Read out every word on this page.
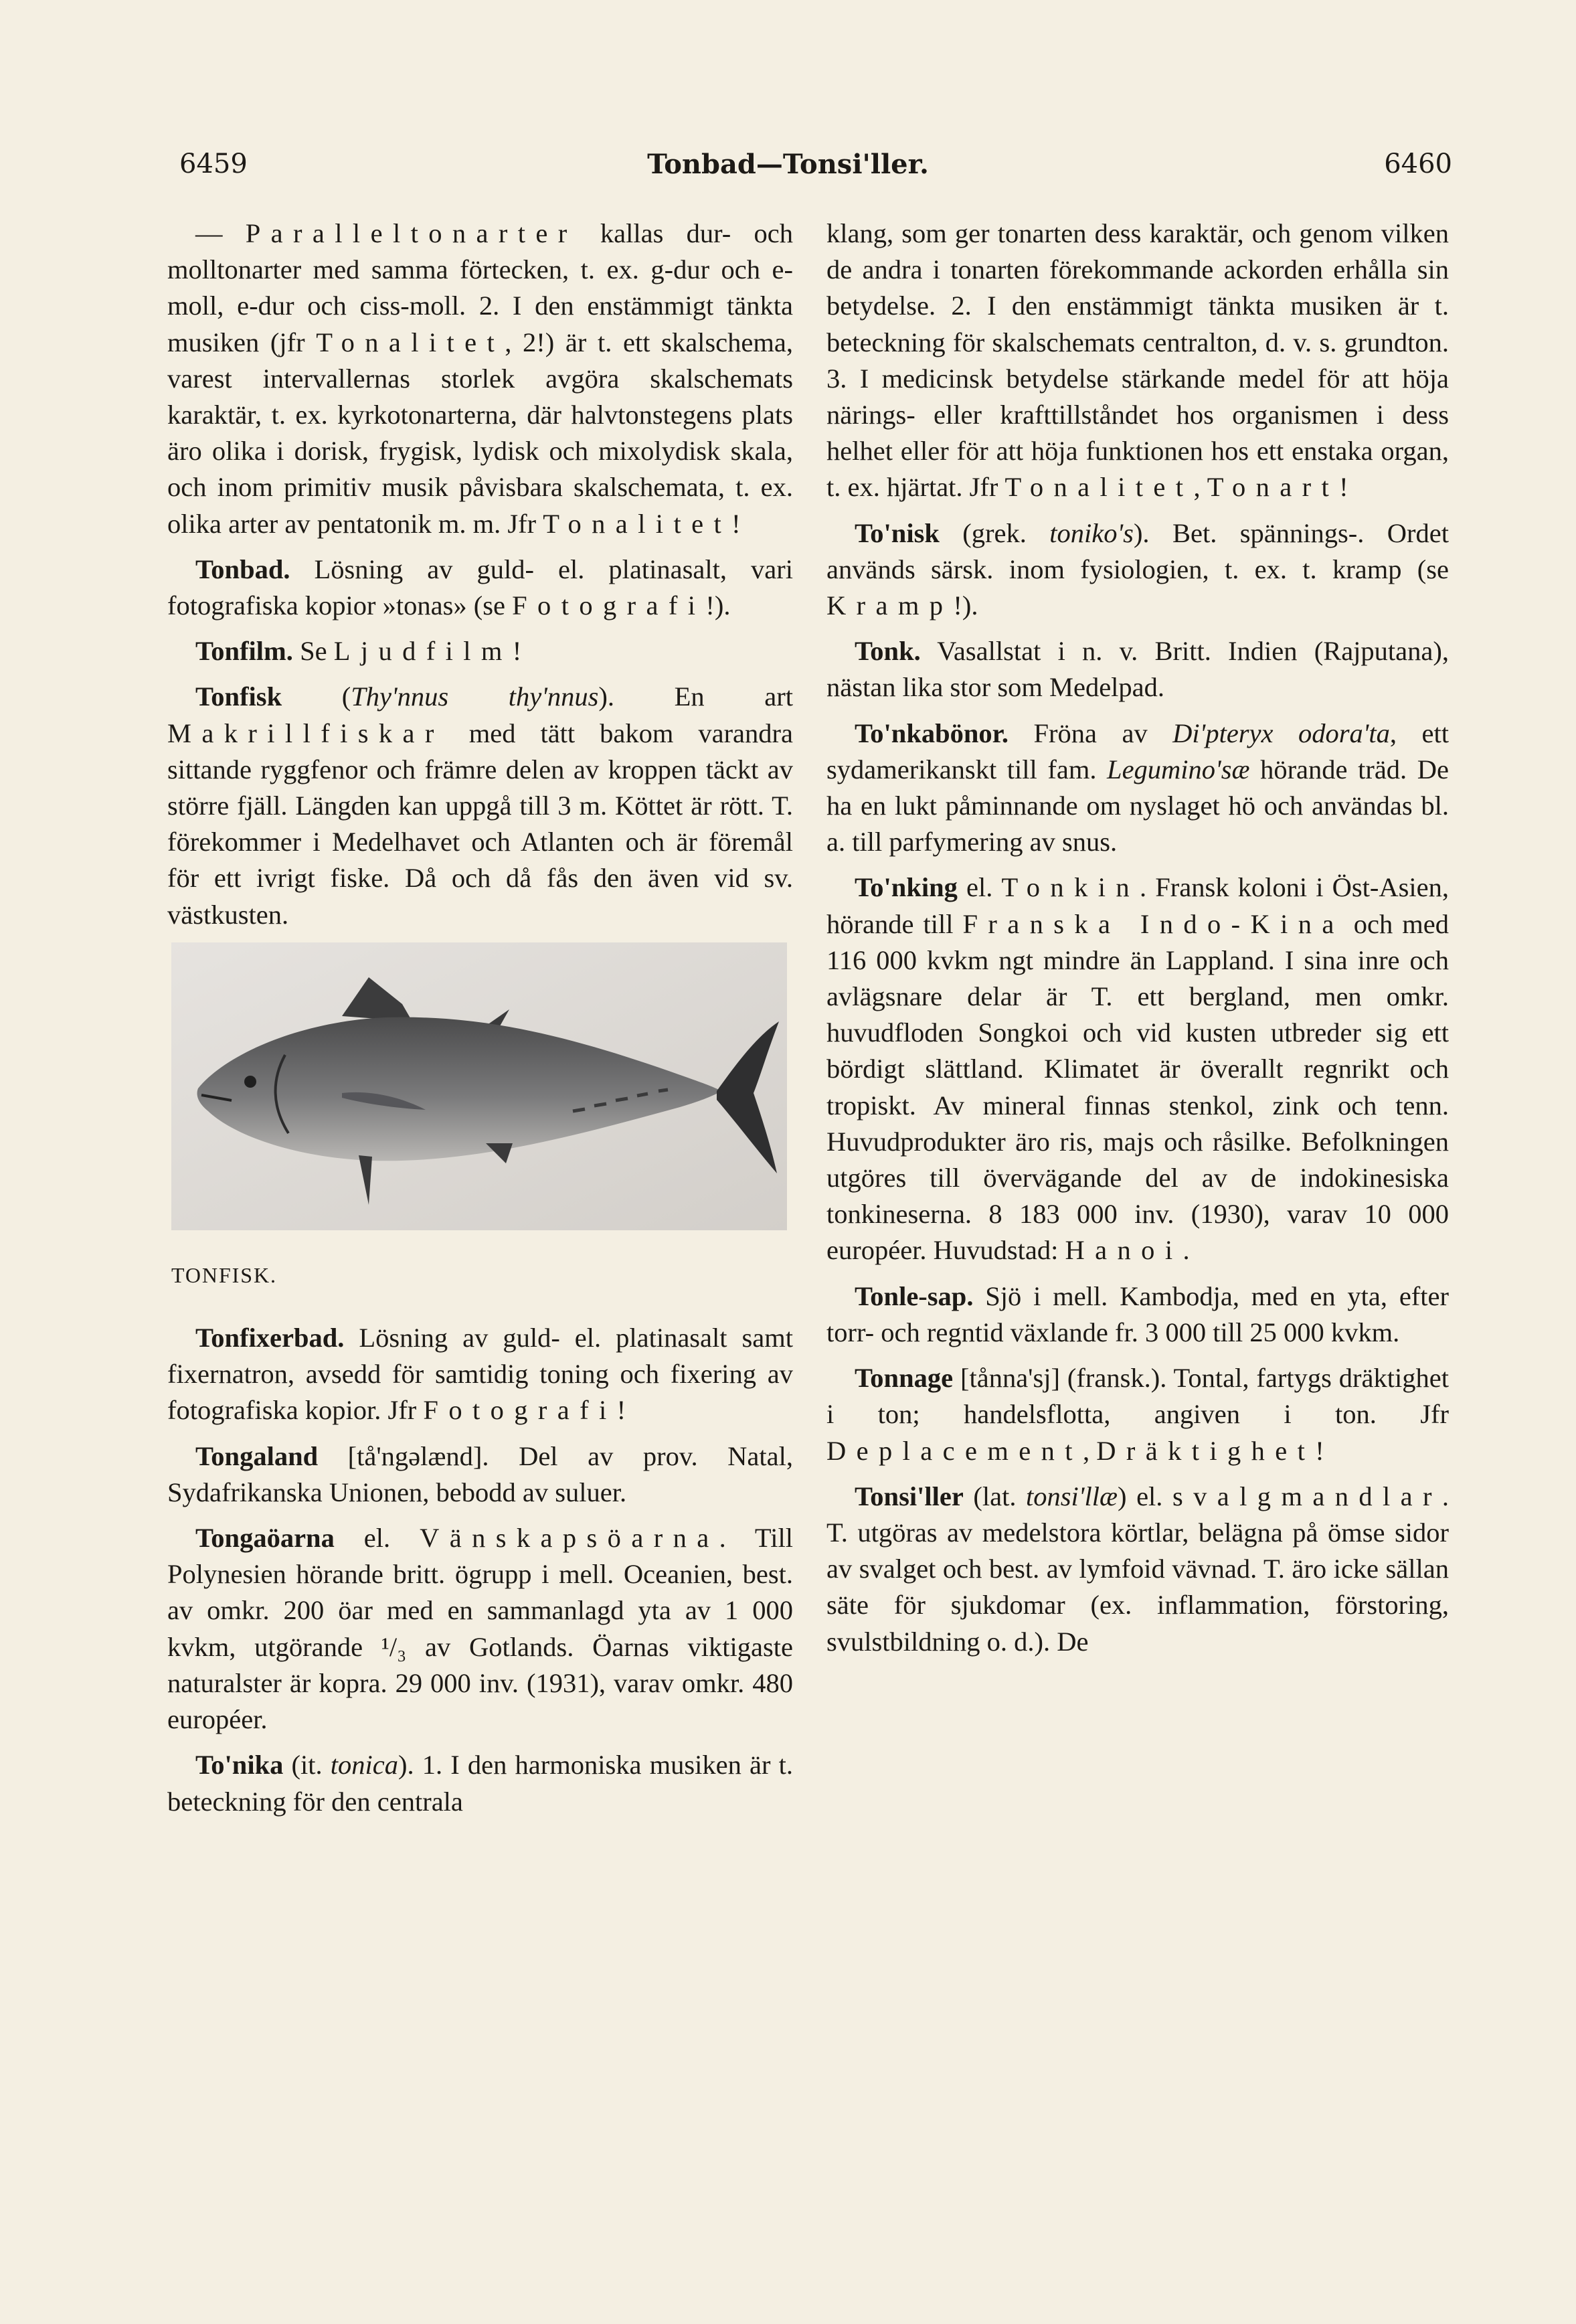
6459	Tonbad—Tonsi'ller.	6460

— Paralleltonarter kallas dur- och molltonarter med samma förtecken, t. ex. g-dur och e-moll, e-dur och ciss-moll. 2. I den enstämmigt tänkta musiken (jfr Tonalitet, 2!) är t. ett skalschema, varest intervallernas storlek avgöra skalschemats karaktär, t. ex. kyrkotonarterna, där halvtonstegens plats äro olika i dorisk, frygisk, lydisk och mixolydisk skala, och inom primitiv musik påvisbara skalschemata, t. ex. olika arter av pentatonik m. m. Jfr Tonalitet!

Tonbad. Lösning av guld- el. platinasalt, vari fotografiska kopior »tonas» (se Fotografi!).

Tonfilm. Se Ljudfilm!

Tonfisk (Thy'nnus thy'nnus). En art Makrillfiskar med tätt bakom varandra sittande ryggfenor och främre delen av kroppen täckt av större fjäll. Längden kan uppgå till 3 m. Köttet är rött. T. förekommer i Medelhavet och Atlanten och är föremål för ett ivrigt fiske. Då och då fås den även vid sv. västkusten.

TONFISK.

Tonfixerbad. Lösning av guld- el. platinasalt samt fixernatron, avsedd för samtidig toning och fixering av fotografiska kopior. Jfr Fotografi!

Tongaland [tå'ngəlænd]. Del av prov. Natal, Sydafrikanska Unionen, bebodd av suluer.

Tongaöarna el. Vänskapsöarna. Till Polynesien hörande britt. ögrupp i mell. Oceanien, best. av omkr. 200 öar med en sammanlagd yta av 1 000 kvkm, utgörande ¹/₃ av Gotlands. Öarnas viktigaste naturalster är kopra. 29 000 inv. (1931), varav omkr. 480 européer.

To'nika (it. tonica). 1. I den harmoniska musiken är t. beteckning för den centrala

klang, som ger tonarten dess karaktär, och genom vilken de andra i tonarten förekommande ackorden erhålla sin betydelse. 2. I den enstämmigt tänkta musiken är t. beteckning för skalschemats centralton, d. v. s. grundton. 3. I medicinsk betydelse stärkande medel för att höja närings- eller krafttillståndet hos organismen i dess helhet eller för att höja funktionen hos ett enstaka organ, t. ex. hjärtat. Jfr Tonalitet, Tonart!

To'nisk (grek. toniko's). Bet. spännings-. Ordet används särsk. inom fysiologien, t. ex. t. kramp (se Kramp!).

Tonk. Vasallstat i n. v. Britt. Indien (Rajputana), nästan lika stor som Medelpad.

To'nkabönor. Fröna av Di'pteryx odora'ta, ett sydamerikanskt till fam. Legumino'sæ hörande träd. De ha en lukt påminnande om nyslaget hö och användas bl. a. till parfymering av snus.

To'nking el. Tonkin. Fransk koloni i Öst-Asien, hörande till Franska Indo-Kina och med 116 000 kvkm ngt mindre än Lappland. I sina inre och avlägsnare delar är T. ett bergland, men omkr. huvudfloden Songkoi och vid kusten utbreder sig ett bördigt slättland. Klimatet är överallt regnrikt och tropiskt. Av mineral finnas stenkol, zink och tenn. Huvudprodukter äro ris, majs och råsilke. Befolkningen utgöres till övervägande del av de indokinesiska tonkineserna. 8 183 000 inv. (1930), varav 10 000 européer. Huvudstad: Hanoi.

Tonle-sap. Sjö i mell. Kambodja, med en yta, efter torr- och regntid växlande fr. 3 000 till 25 000 kvkm.

Tonnage [tånna'sj] (fransk.). Tontal, fartygs dräktighet i ton; handelsflotta, angiven i ton. Jfr Deplacement, Dräktighet!

Tonsi'ller (lat. tonsi'llæ) el. svalgmandlar. T. utgöras av medelstora körtlar, belägna på ömse sidor av svalget och best. av lymfoid vävnad. T. äro icke sällan säte för sjukdomar (ex. inflammation, förstoring, svulstbildning o. d.). De
